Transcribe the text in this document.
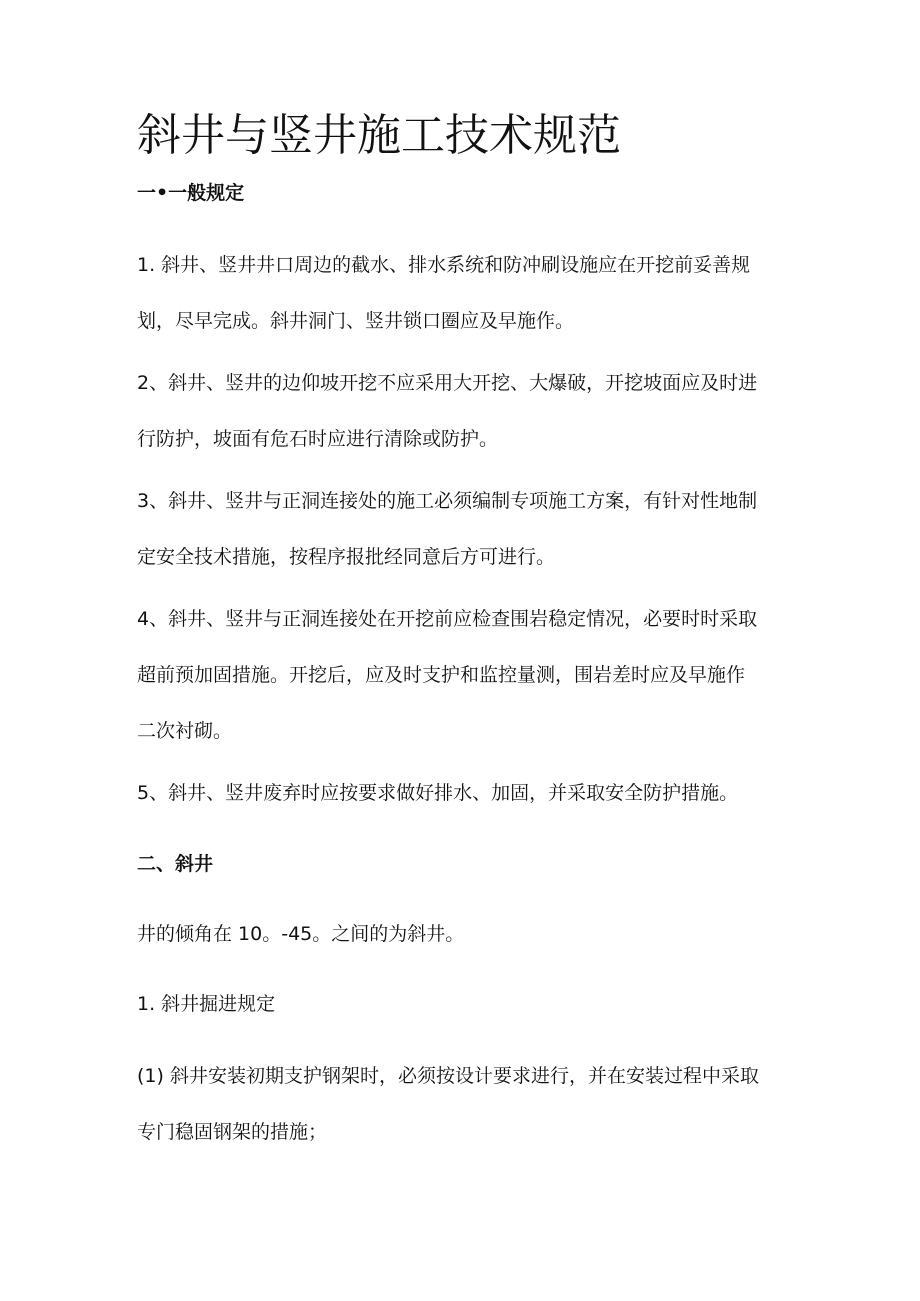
斜井与竖井施工技术规范
一•一般规定
1. 斜井、竖井井口周边的截水、排水系统和防冲刷设施应在开挖前妥善规
划，尽早完成。斜井洞门、竖井锁口圈应及早施作。
2、斜井、竖井的边仰坡开挖不应采用大开挖、大爆破，开挖坡面应及时进
行防护，坡面有危石时应进行清除或防护。
3、斜井、竖井与正洞连接处的施工必须编制专项施工方案，有针对性地制
定安全技术措施，按程序报批经同意后方可进行。
4、斜井、竖井与正洞连接处在开挖前应检查围岩稳定情况，必要时时采取
超前预加固措施。开挖后，应及时支护和监控量测，围岩差时应及早施作
二次衬砌。
5、斜井、竖井废弃时应按要求做好排水、加固，并采取安全防护措施。
二、斜井
井的倾角在 10。-45。之间的为斜井。
1. 斜井掘进规定
(1) 斜井安装初期支护钢架时，必须按设计要求进行，并在安装过程中采取
专门稳固钢架的措施；
